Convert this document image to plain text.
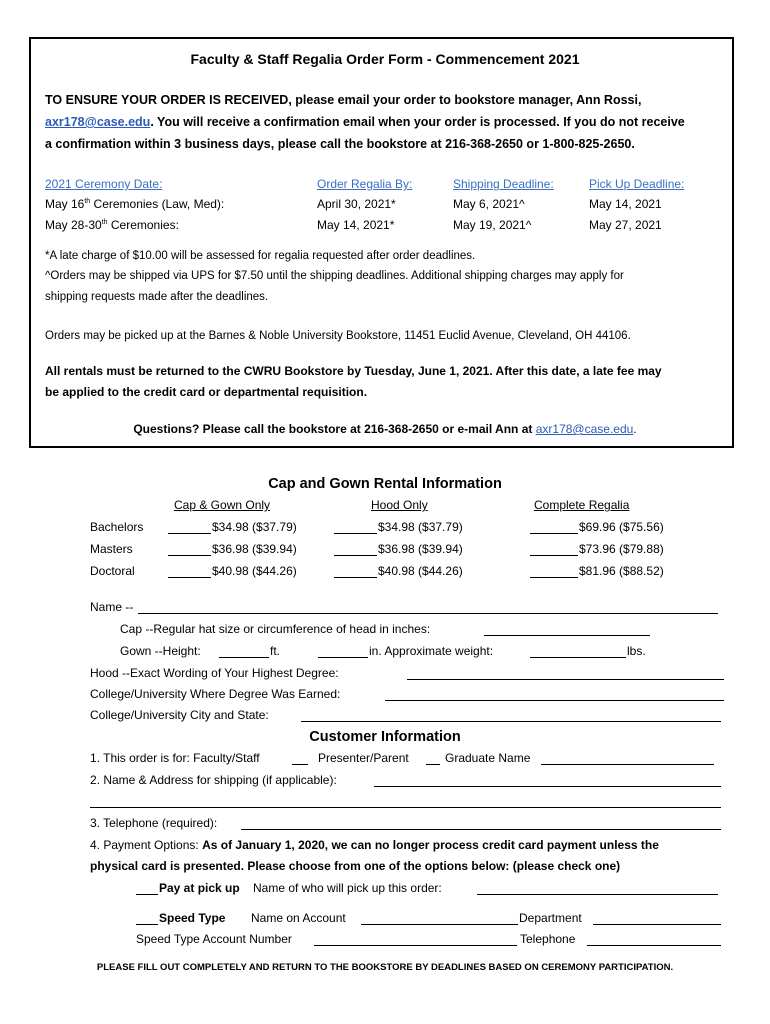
Faculty & Staff Regalia Order Form - Commencement 2021
TO ENSURE YOUR ORDER IS RECEIVED, please email your order to bookstore manager, Ann Rossi,
axr178@case.edu. You will receive a confirmation email when your order is processed. If you do not receive
a confirmation within 3 business days, please call the bookstore at 216-368-2650 or 1-800-825-2650.
2021 Ceremony Date:	Order Regalia By:	Shipping Deadline:	Pick Up Deadline:
May 16th Ceremonies (Law, Med):	April 30, 2021*	May 6, 2021^	May 14, 2021
May 28-30th Ceremonies:	May 14, 2021*	May 19, 2021^	May 27, 2021
*A late charge of $10.00 will be assessed for regalia requested after order deadlines.
^Orders may be shipped via UPS for $7.50 until the shipping deadlines. Additional shipping charges may apply for
shipping requests made after the deadlines.
Orders may be picked up at the Barnes & Noble University Bookstore, 11451 Euclid Avenue, Cleveland, OH 44106.
All rentals must be returned to the CWRU Bookstore by Tuesday, June 1, 2021. After this date, a late fee may
be applied to the credit card or departmental requisition.
Questions? Please call the bookstore at 216-368-2650 or e-mail Ann at axr178@case.edu.
Cap and Gown Rental Information
Cap & Gown Only	Hood Only	Complete Regalia
Bachelors	$34.98 ($37.79)	$34.98 ($37.79)	$69.96 ($75.56)
Masters	$36.98 ($39.94)	$36.98 ($39.94)	$73.96 ($79.88)
Doctoral	$40.98 ($44.26)	$40.98 ($44.26)	$81.96 ($88.52)
Name --
Cap --Regular hat size or circumference of head in inches:
Gown --Height:	ft.	in. Approximate weight:	lbs.
Hood --Exact Wording of Your Highest Degree:
College/University Where Degree Was Earned:
College/University City and State:
Customer Information
1. This order is for: Faculty/Staff	Presenter/Parent	Graduate Name
2. Name & Address for shipping (if applicable):
3. Telephone (required):
4. Payment Options: As of January 1, 2020, we can no longer process credit card payment unless the
physical card is presented. Please choose from one of the options below: (please check one)
Pay at pick up Name of who will pick up this order:
Speed Type Name on Account	Department
Speed Type Account Number	Telephone
PLEASE FILL OUT COMPLETELY AND RETURN TO THE BOOKSTORE BY DEADLINES BASED ON CEREMONY PARTICIPATION.
